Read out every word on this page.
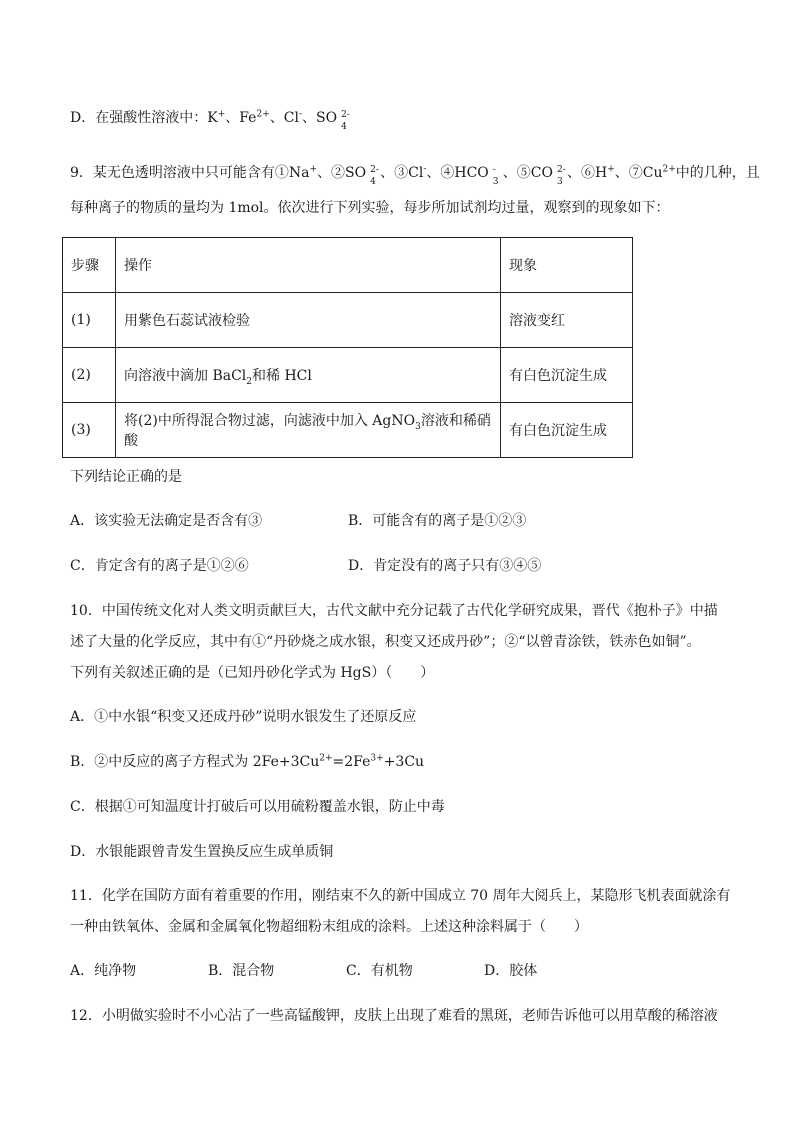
D．在强酸性溶液中：K+、$Fe^{2+}$、Cl-、SO 2-
4
9．某无色透明溶液中只可能含有①Na+、②SO 2-
4
、③Cl-、④HCO -
3
、⑤CO 2-
3
、⑥H+、$⑦Cu^{2+}$中的几种，且
每种离子的物质的量均为 1mol。依次进行下列实验，每步所加试剂均过量，观察到的现象如下：
步骤	操作	现象
(1)	用紫色石蕊试液检验	溶液变红
(2)	向溶液中滴加 BaCl$_2$和稀 HCl	有白色沉淀生成
(3)	将(2)中所得混合物过滤，向滤液中加入 AgNO$_3$溶液和稀硝酸	有白色沉淀生成
下列结论正确的是
A．该实验无法确定是否含有③	B．可能含有的离子是①②③
C．肯定含有的离子是①②⑥	D．肯定没有的离子只有③④⑤
10．中国传统文化对人类文明贡献巨大，古代文献中充分记载了古代化学研究成果，晋代《抱朴子》中描
述了大量的化学反应，其中有①“丹砂烧之成水银，积变又还成丹砂”；②“以曾青涂铁，铁赤色如铜”。
下列有关叙述正确的是（已知丹砂化学式为 HgS）（　　）
A．①中水银“积变又还成丹砂”说明水银发生了还原反应
B．②中反应的离子方程式为 $2Fe+3Cu^{2+}=2Fe^{3+}+3Cu$
C．根据①可知温度计打破后可以用硫粉覆盖水银，防止中毒
D．水银能跟曾青发生置换反应生成单质铜
11．化学在国防方面有着重要的作用，刚结束不久的新中国成立 70 周年大阅兵上，某隐形飞机表面就涂有
一种由铁氧体、金属和金属氧化物超细粉末组成的涂料。上述这种涂料属于（　　）
A．纯净物	B．混合物	C．有机物	D．胶体
12．小明做实验时不小心沾了一些高锰酸钾，皮肤上出现了难看的黑斑，老师告诉他可以用草酸的稀溶液
